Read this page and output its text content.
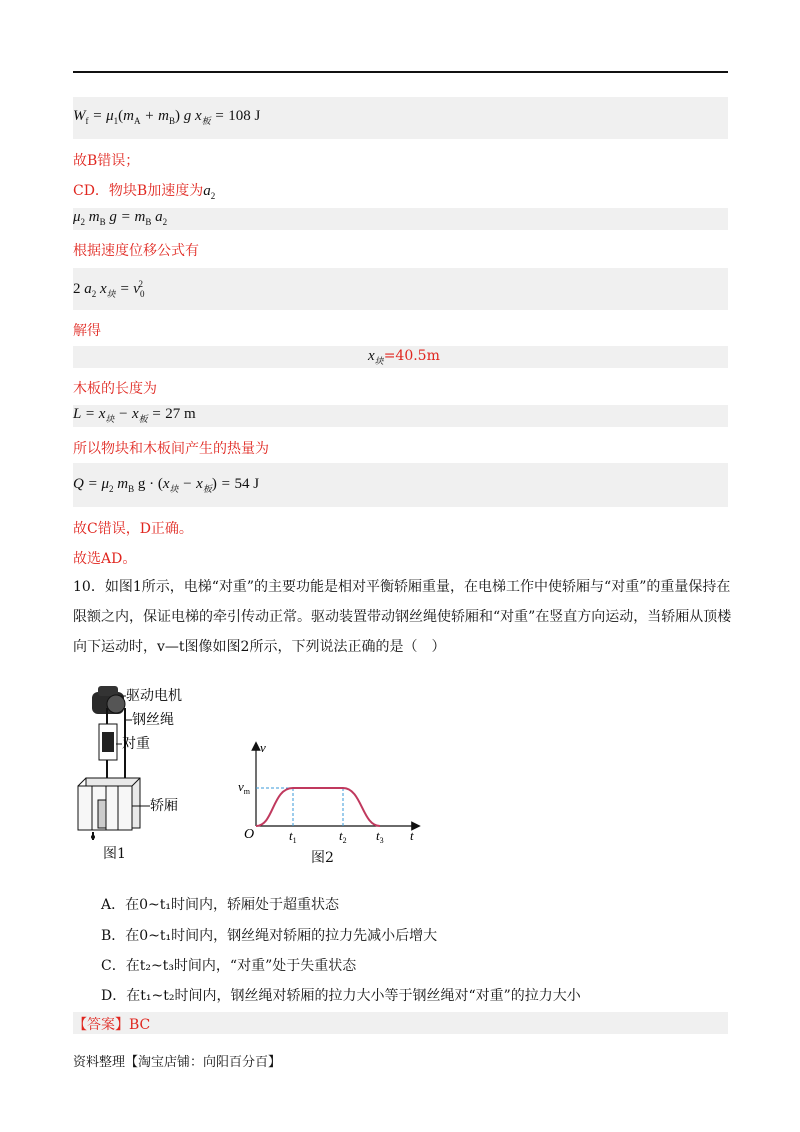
$W_f = \mu_1(m_A + m_B)$ g $x_板 = 108$ J
故B错误；
CD．物块B加速度为$a_2$
$\mu_2$ $m_B$ $g = m_B$ $a_2$
根据速度位移公式有
2 $a_2$ $x_块 = v_0^2$
解得
$x_块=40.5m$
木板的长度为
$L = x_块 - x_板 = 27$ m
所以物块和木板间产生的热量为
$Q = \mu_2$ $m_B$ $g \cdot (x_块 - x_板) = 54$ J
故C错误，D正确。
故选AD。
10．如图1所示，电梯“对重”的主要功能是相对平衡轿厢重量，在电梯工作中使轿厢与“对重”的重量保持在限额之内，保证电梯的牵引传动正常。驱动装置带动钢丝绳使轿厢和“对重”在竖直方向运动，当轿厢从顶楼向下运动时，v—t图像如图2所示，下列说法正确的是（　）
驱动电机
钢丝绳
对重
轿厢
图1
v
t
O
$v_m$
$t_1$	$t_2$ $t_3$
图2
A．在0~t₁时间内，轿厢处于超重状态
B．在0~t₁时间内，钢丝绳对轿厢的拉力先减小后增大
C．在t₂~t₃时间内，“对重”处于失重状态
D．在t₁~t₂时间内，钢丝绳对轿厢的拉力大小等于钢丝绳对“对重”的拉力大小
【答案】BC
资料整理【淘宝店铺：向阳百分百】
